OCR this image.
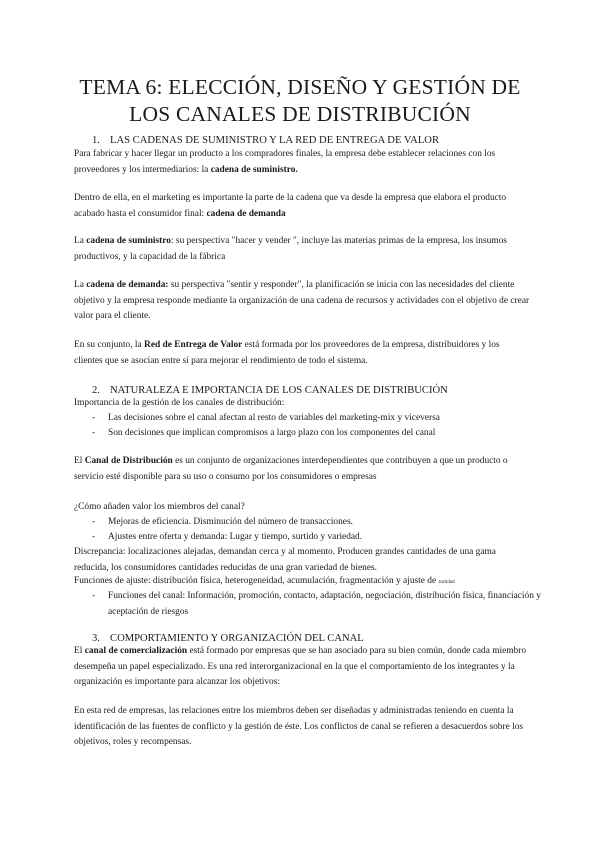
TEMA 6: ELECCIÓN, DISEÑO Y GESTIÓN DE
LOS CANALES DE DISTRIBUCIÓN
1. LAS CADENAS DE SUMINISTRO Y LA RED DE ENTREGA DE VALOR
Para fabricar y hacer llegar un producto a los compradores finales, la empresa debe establecer relaciones con los proveedores y los intermediarios: la cadena de suministro.
Dentro de ella, en el marketing es importante la parte de la cadena que va desde la empresa que elabora el producto acabado hasta el consumidor final: cadena de demanda
La cadena de suministro: su perspectiva "hacer y vender ", incluye las materias primas de la empresa, los insumos productivos, y la capacidad de la fábrica
La cadena de demanda: su perspectiva "sentir y responder", la planificación se inicia con las necesidades del cliente objetivo y la empresa responde mediante la organización de una cadena de recursos y actividades con el objetivo de crear valor para el cliente.
En su conjunto, la Red de Entrega de Valor está formada por los proveedores de la empresa, distribuidores y los clientes que se asocian entre sí para mejorar el rendimiento de todo el sistema.
2. NATURALEZA E IMPORTANCIA DE LOS CANALES DE DISTRIBUCIÓN
Importancia de la gestión de los canales de distribución:
- Las decisiones sobre el canal afectan al resto de variables del marketing-mix y viceversa
- Son decisiones que implican compromisos a largo plazo con los componentes del canal
El Canal de Distribución es un conjunto de organizaciones interdependientes que contribuyen a que un producto o servicio esté disponible para su uso o consumo por los consumidores o empresas
¿Cómo añaden valor los miembros del canal?
- Mejoras de eficiencia. Disminución del número de transacciones.
- Ajustes entre oferta y demanda: Lugar y tiempo, surtido y variedad.
Discrepancia: localizaciones alejadas, demandan cerca y al momento. Producen grandes cantidades de una gama reducida, los consumidores cantidades reducidas de una gran variedad de bienes.
Funciones de ajuste: distribución física, heterogeneidad, acumulación, fragmentación y ajuste de surtidad
- Funciones del canal: Información, promoción, contacto, adaptación, negociación, distribución física, financiación y aceptación de riesgos
3. COMPORTAMIENTO Y ORGANIZACIÓN DEL CANAL
El canal de comercialización está formado por empresas que se han asociado para su bien común, donde cada miembro desempeña un papel especializado. Es una red interorganizacional en la que el comportamiento de los integrantes y la organización es importante para alcanzar los objetivos:
En esta red de empresas, las relaciones entre los miembros deben ser diseñadas y administradas teniendo en cuenta la identificación de las fuentes de conflicto y la gestión de éste. Los conflictos de canal se refieren a desacuerdos sobre los objetivos, roles y recompensas.
